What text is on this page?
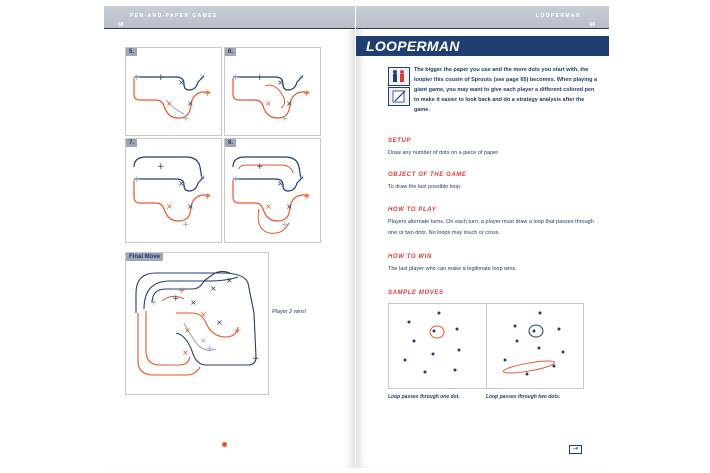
PEN-AND-PAPER GAMES
68
+ + ×
×
× ×
+
+
5.
+ + ×
×
× ×
+
+
6.
+
+
×
×
× ×
+
+
7.
+
+
×
×
× ×
+
+
8.
+ +
+
×
×
×
×
×
×
×
× +
+
+
Final Move
Player 2 wins!
LOOPERMAN
69
LOOPERMAN
The bigger the paper you use and the more dots you start with, the loopier this cousin of Sprouts (see page 65) becomes. When playing a giant game, you may want to give each player a different colored pen to make it easier to look back and do a strategy analysis after the game.
SETUP
Draw any number of dots on a piece of paper.
OBJECT OF THE GAME
To draw the last possible loop.
HOW TO PLAY
Players alternate turns. On each turn, a player must draw a loop that passes through one or two dots. No loops may touch or cross.
HOW TO WIN
The last player who can make a legitimate loop wins.
SAMPLE MOVES
Loop passes through one dot.	Loop passes through two dots.
⇥
